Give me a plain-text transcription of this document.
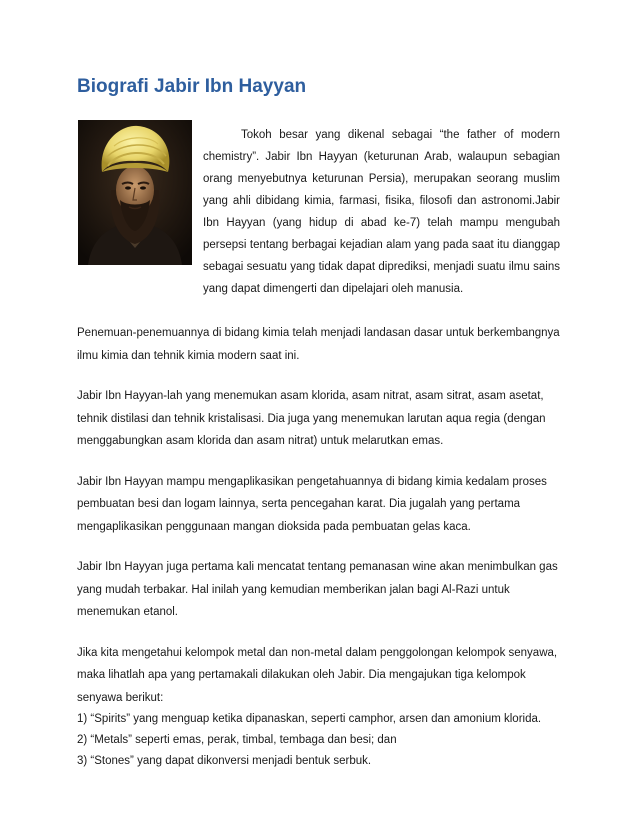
Biografi Jabir Ibn Hayyan

Tokoh besar yang dikenal sebagai “the father of modern chemistry”. Jabir Ibn Hayyan (keturunan Arab, walaupun sebagian orang menyebutnya keturunan Persia), merupakan seorang muslim yang ahli dibidang kimia, farmasi, fisika, filosofi dan astronomi.Jabir Ibn Hayyan (yang hidup di abad ke-7) telah mampu mengubah persepsi tentang berbagai kejadian alam yang pada saat itu dianggap sebagai sesuatu yang tidak dapat diprediksi, menjadi suatu ilmu sains yang dapat dimengerti dan dipelajari oleh manusia.

Penemuan-penemuannya di bidang kimia telah menjadi landasan dasar untuk berkembangnya ilmu kimia dan tehnik kimia modern saat ini.

Jabir Ibn Hayyan-lah yang menemukan asam klorida, asam nitrat, asam sitrat, asam asetat, tehnik distilasi dan tehnik kristalisasi. Dia juga yang menemukan larutan aqua regia (dengan menggabungkan asam klorida dan asam nitrat) untuk melarutkan emas.

Jabir Ibn Hayyan mampu mengaplikasikan pengetahuannya di bidang kimia kedalam proses pembuatan besi dan logam lainnya, serta pencegahan karat. Dia jugalah yang pertama mengaplikasikan penggunaan mangan dioksida pada pembuatan gelas kaca.

Jabir Ibn Hayyan juga pertama kali mencatat tentang pemanasan wine akan menimbulkan gas yang mudah terbakar. Hal inilah yang kemudian memberikan jalan bagi Al-Razi untuk menemukan etanol.

Jika kita mengetahui kelompok metal dan non-metal dalam penggolongan kelompok senyawa, maka lihatlah apa yang pertamakali dilakukan oleh Jabir. Dia mengajukan tiga kelompok senyawa berikut:

1) “Spirits” yang menguap ketika dipanaskan, seperti camphor, arsen dan amonium klorida.
2) “Metals” seperti emas, perak, timbal, tembaga dan besi; dan
3) “Stones” yang dapat dikonversi menjadi bentuk serbuk.
